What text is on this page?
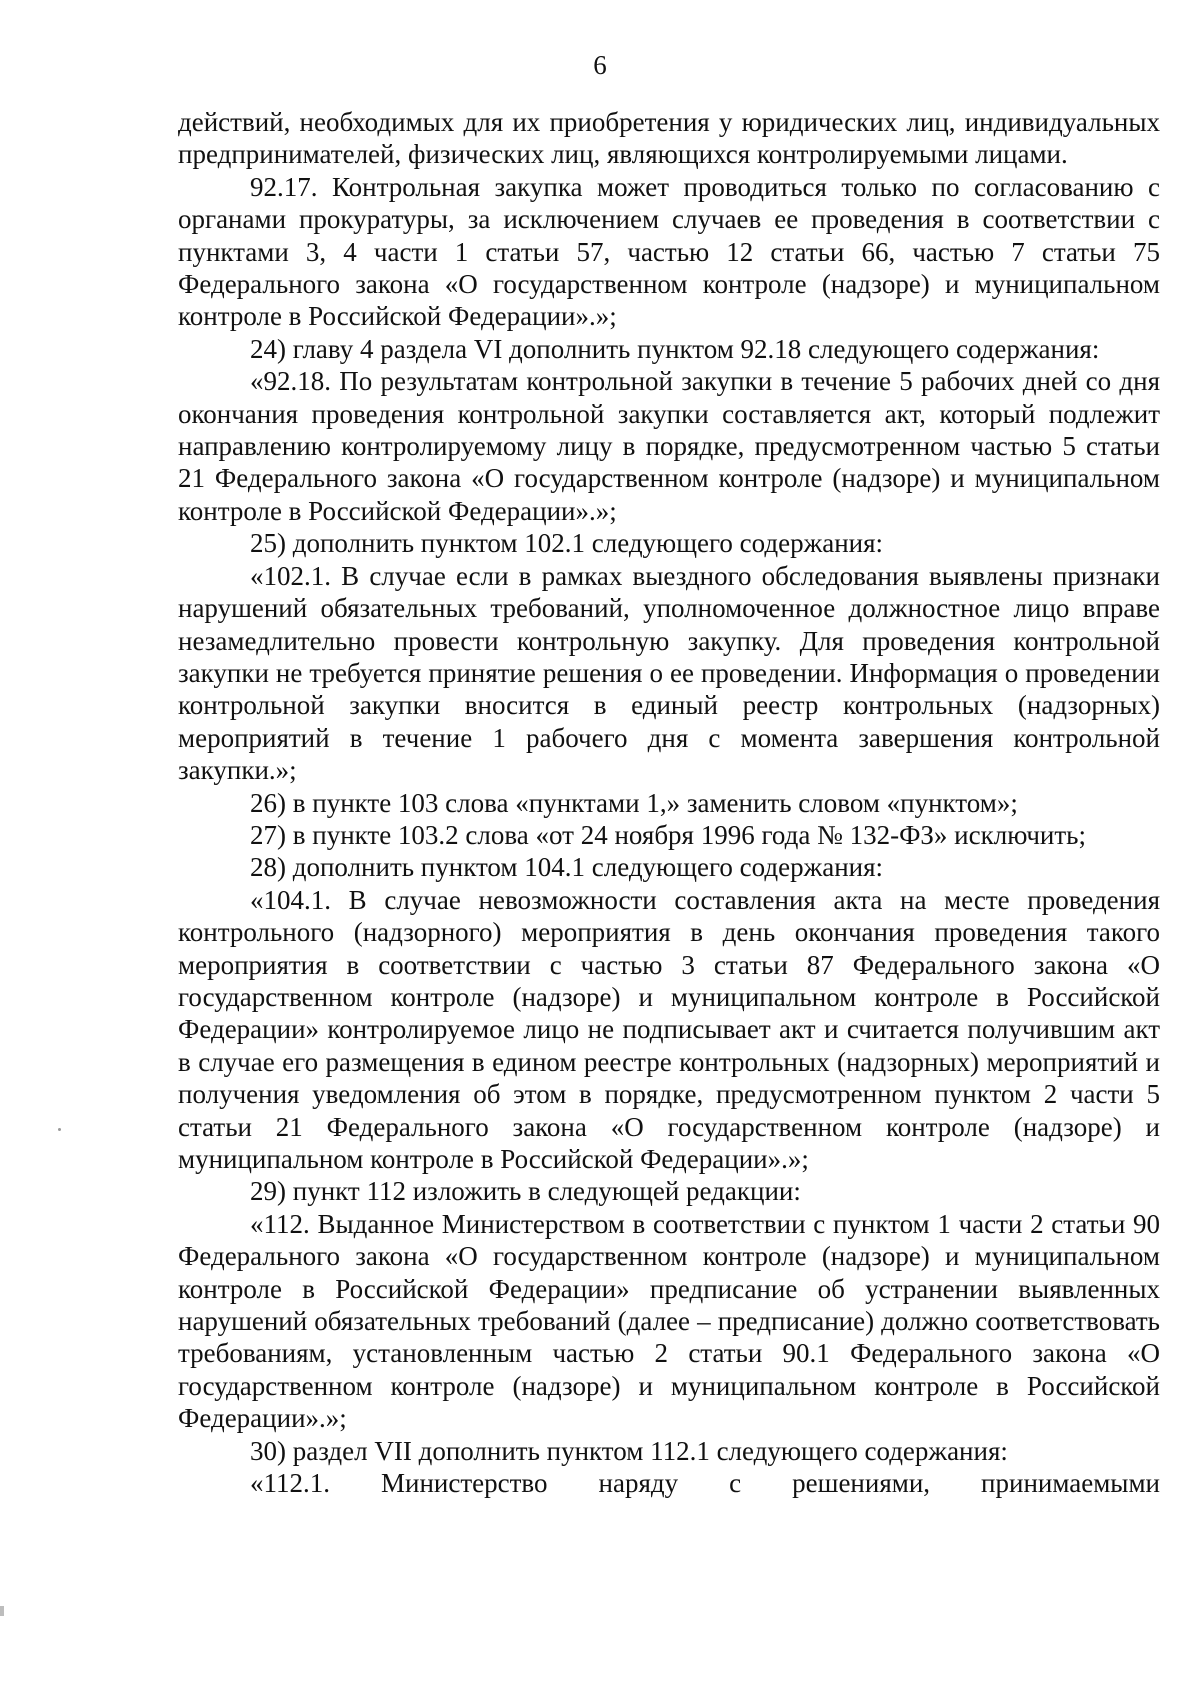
6

действий, необходимых для их приобретения у юридических лиц, индивидуальных предпринимателей, физических лиц, являющихся контролируемыми лицами.

92.17. Контрольная закупка может проводиться только по согласованию с органами прокуратуры, за исключением случаев ее проведения в соответствии с пунктами 3, 4 части 1 статьи 57, частью 12 статьи 66, частью 7 статьи 75 Федерального закона «О государственном контроле (надзоре) и муниципальном контроле в Российской Федерации».»;

24) главу 4 раздела VI дополнить пунктом 92.18 следующего содержания:

«92.18. По результатам контрольной закупки в течение 5 рабочих дней со дня окончания проведения контрольной закупки составляется акт, который подлежит направлению контролируемому лицу в порядке, предусмотренном частью 5 статьи 21 Федерального закона «О государственном контроле (надзоре) и муниципальном контроле в Российской Федерации».»;

25) дополнить пунктом 102.1 следующего содержания:

«102.1. В случае если в рамках выездного обследования выявлены признаки нарушений обязательных требований, уполномоченное должностное лицо вправе незамедлительно провести контрольную закупку. Для проведения контрольной закупки не требуется принятие решения о ее проведении. Информация о проведении контрольной закупки вносится в единый реестр контрольных (надзорных) мероприятий в течение 1 рабочего дня с момента завершения контрольной закупки.»;

26) в пункте 103 слова «пунктами 1,» заменить словом «пунктом»;

27) в пункте 103.2 слова «от 24 ноября 1996 года № 132-ФЗ» исключить;

28) дополнить пунктом 104.1 следующего содержания:

«104.1. В случае невозможности составления акта на месте проведения контрольного (надзорного) мероприятия в день окончания проведения такого мероприятия в соответствии с частью 3 статьи 87 Федерального закона «О государственном контроле (надзоре) и муниципальном контроле в Российской Федерации» контролируемое лицо не подписывает акт и считается получившим акт в случае его размещения в едином реестре контрольных (надзорных) мероприятий и получения уведомления об этом в порядке, предусмотренном пунктом 2 части 5 статьи 21 Федерального закона «О государственном контроле (надзоре) и муниципальном контроле в Российской Федерации».»;

29) пункт 112 изложить в следующей редакции:

«112. Выданное Министерством в соответствии с пунктом 1 части 2 статьи 90 Федерального закона «О государственном контроле (надзоре) и муниципальном контроле в Российской Федерации» предписание об устранении выявленных нарушений обязательных требований (далее – предписание) должно соответствовать требованиям, установленным частью 2 статьи 90.1 Федерального закона «О государственном контроле (надзоре) и муниципальном контроле в Российской Федерации».»;

30) раздел VII дополнить пунктом 112.1 следующего содержания:

«112.1. Министерство наряду с решениями, принимаемыми
